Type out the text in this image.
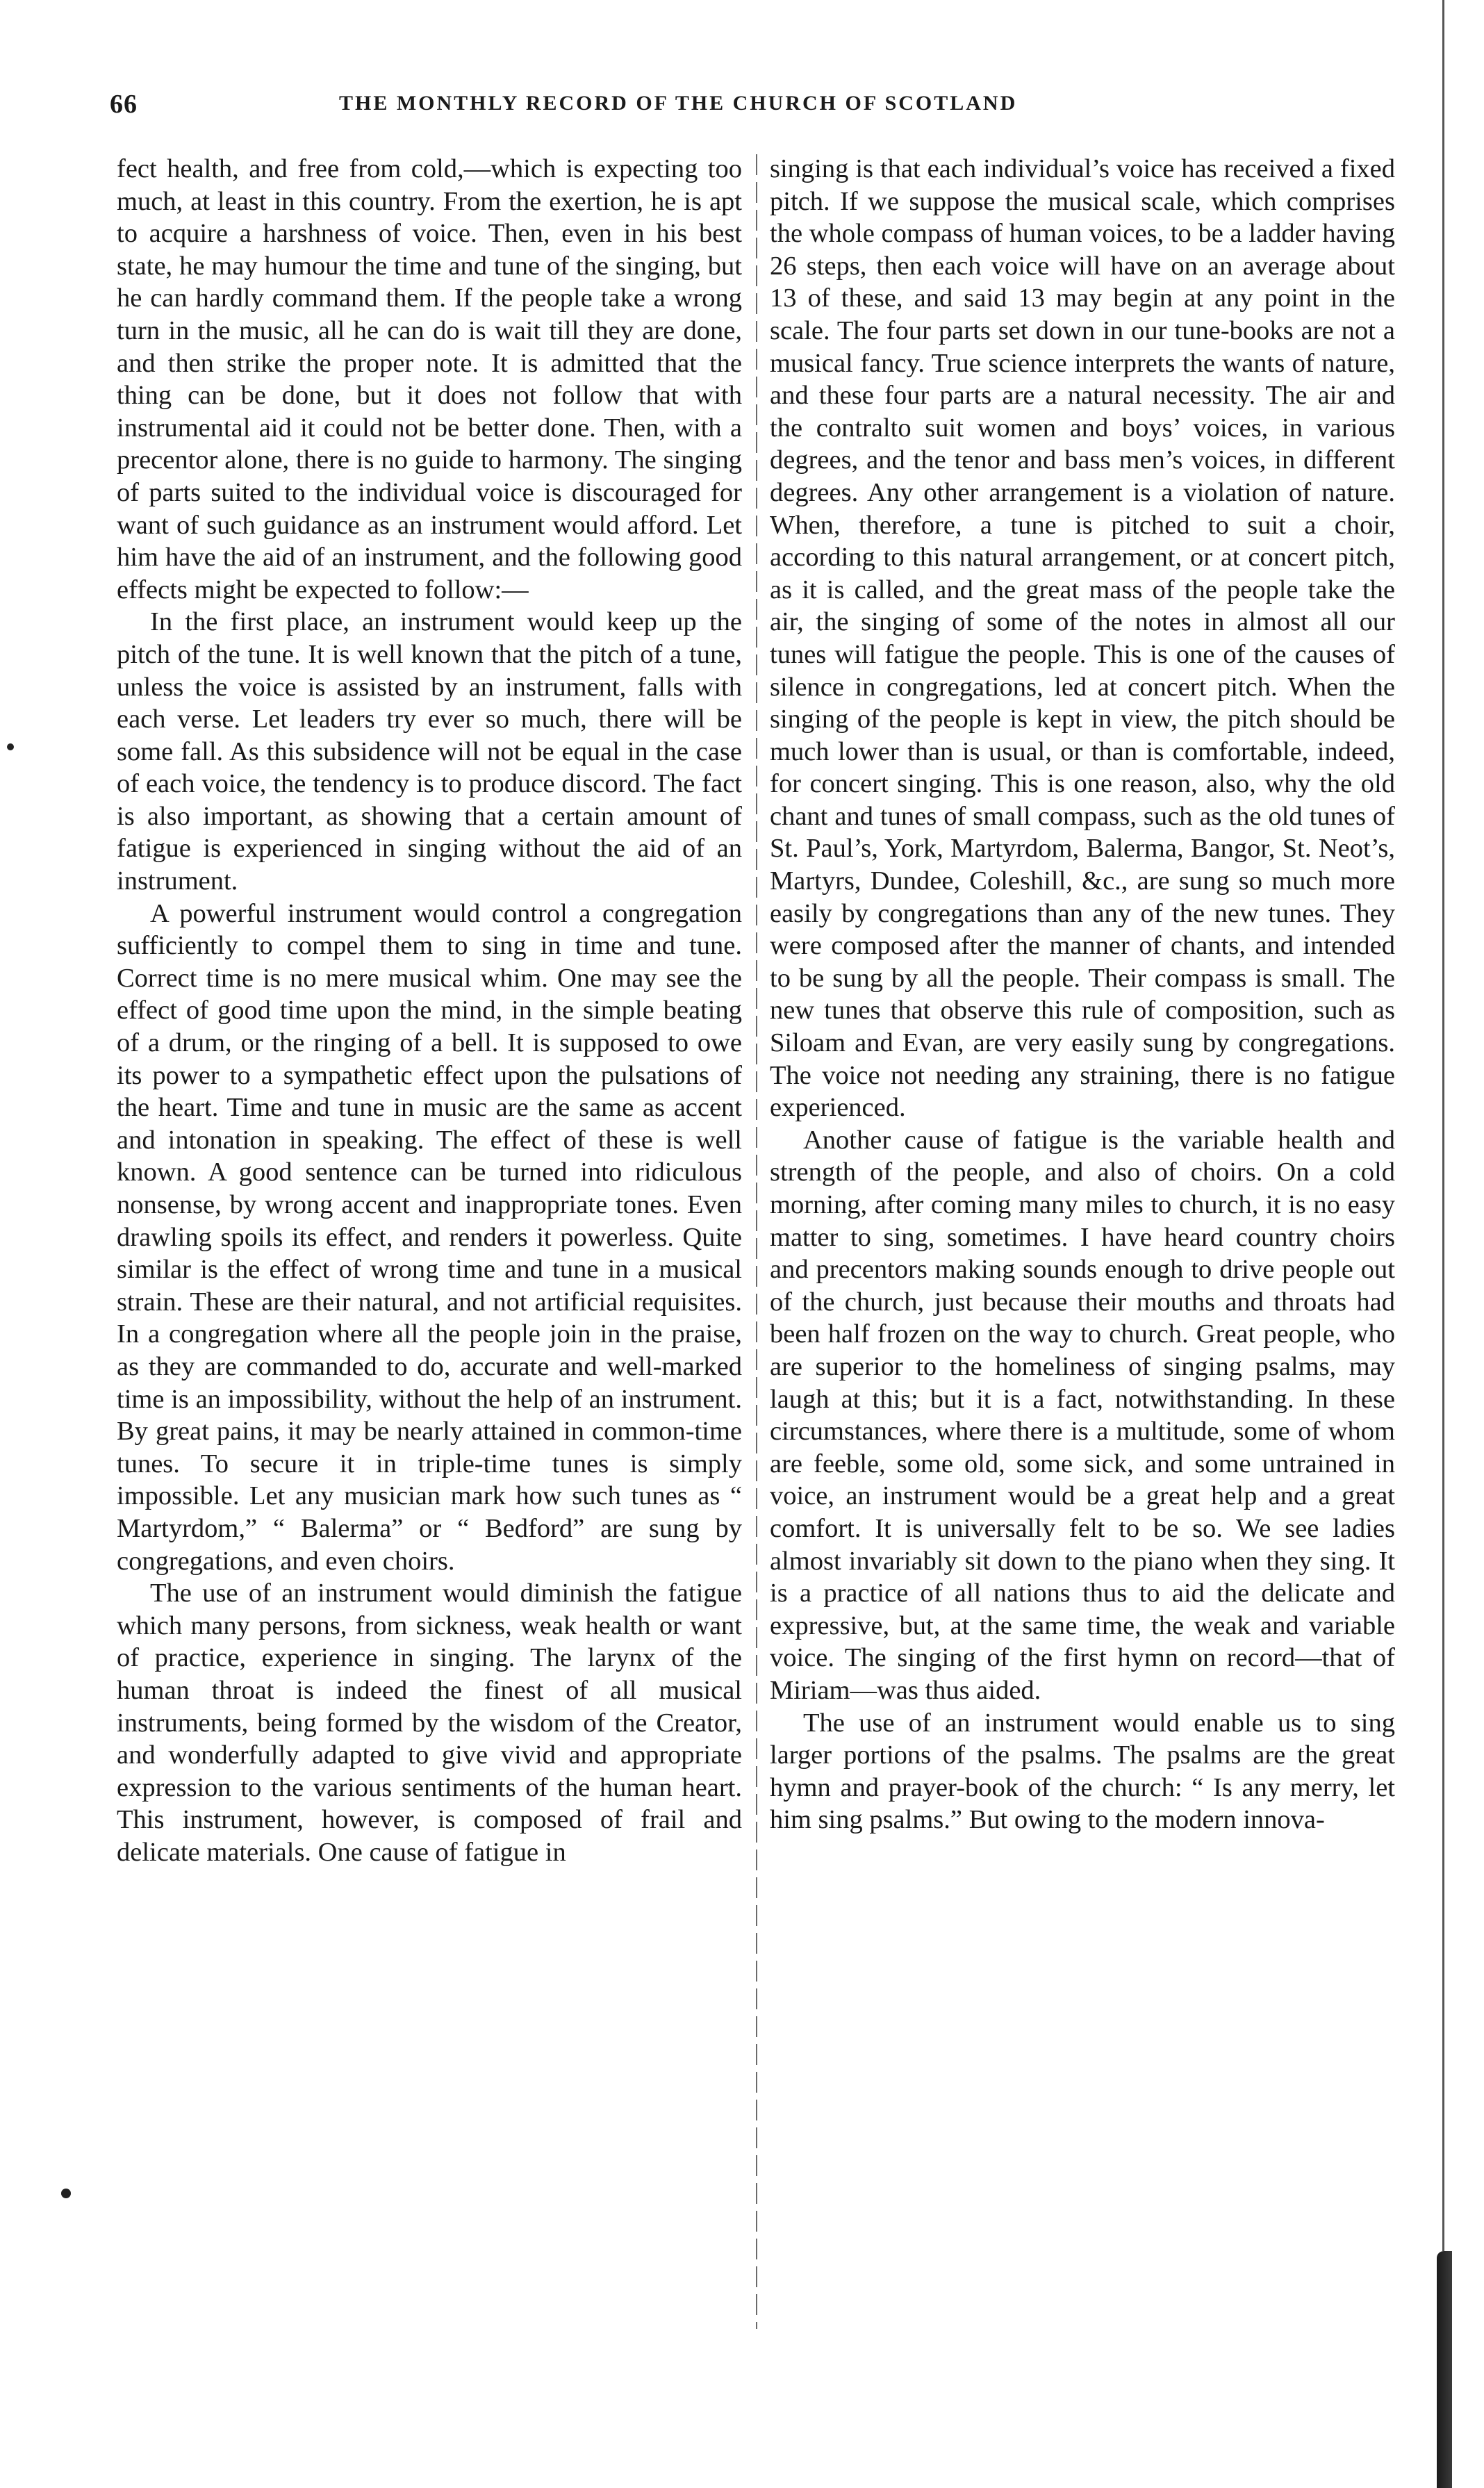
66	THE MONTHLY RECORD OF THE CHURCH OF SCOTLAND

fect health, and free from cold,—which is expecting too much, at least in this country. From the exertion, he is apt to acquire a harshness of voice. Then, even in his best state, he may humour the time and tune of the singing, but he can hardly command them. If the people take a wrong turn in the music, all he can do is wait till they are done, and then strike the proper note. It is admitted that the thing can be done, but it does not follow that with instrumental aid it could not be better done. Then, with a precentor alone, there is no guide to harmony. The singing of parts suited to the individual voice is discouraged for want of such guidance as an instrument would afford. Let him have the aid of an instrument, and the following good effects might be expected to follow:—

In the first place, an instrument would keep up the pitch of the tune. It is well known that the pitch of a tune, unless the voice is assisted by an instrument, falls with each verse. Let leaders try ever so much, there will be some fall. As this subsidence will not be equal in the case of each voice, the tendency is to produce discord. The fact is also important, as showing that a certain amount of fatigue is experienced in singing without the aid of an instrument.

A powerful instrument would control a congregation sufficiently to compel them to sing in time and tune. Correct time is no mere musical whim. One may see the effect of good time upon the mind, in the simple beating of a drum, or the ringing of a bell. It is supposed to owe its power to a sympathetic effect upon the pulsations of the heart. Time and tune in music are the same as accent and intonation in speaking. The effect of these is well known. A good sentence can be turned into ridiculous nonsense, by wrong accent and inappropriate tones. Even drawling spoils its effect, and renders it powerless. Quite similar is the effect of wrong time and tune in a musical strain. These are their natural, and not artificial requisites. In a congregation where all the people join in the praise, as they are commanded to do, accurate and well-marked time is an impossibility, without the help of an instrument. By great pains, it may be nearly attained in common-time tunes. To secure it in triple-time tunes is simply impossible. Let any musician mark how such tunes as “ Martyrdom,” “ Balerma” or “ Bedford” are sung by congregations, and even choirs.

The use of an instrument would diminish the fatigue which many persons, from sickness, weak health or want of practice, experience in singing. The larynx of the human throat is indeed the finest of all musical instruments, being formed by the wisdom of the Creator, and wonderfully adapted to give vivid and appropriate expression to the various sentiments of the human heart. This instrument, however, is composed of frail and delicate materials. One cause of fatigue in

singing is that each individual’s voice has received a fixed pitch. If we suppose the musical scale, which comprises the whole compass of human voices, to be a ladder having 26 steps, then each voice will have on an average about 13 of these, and said 13 may begin at any point in the scale. The four parts set down in our tune-books are not a musical fancy. True science interprets the wants of nature, and these four parts are a natural necessity. The air and the contralto suit women and boys’ voices, in various degrees, and the tenor and bass men’s voices, in different degrees. Any other arrangement is a violation of nature. When, therefore, a tune is pitched to suit a choir, according to this natural arrangement, or at concert pitch, as it is called, and the great mass of the people take the air, the singing of some of the notes in almost all our tunes will fatigue the people. This is one of the causes of silence in congregations, led at concert pitch. When the singing of the people is kept in view, the pitch should be much lower than is usual, or than is comfortable, indeed, for concert singing. This is one reason, also, why the old chant and tunes of small compass, such as the old tunes of St. Paul’s, York, Martyrdom, Balerma, Bangor, St. Neot’s, Martyrs, Dundee, Coleshill, &c., are sung so much more easily by congregations than any of the new tunes. They were composed after the manner of chants, and intended to be sung by all the people. Their compass is small. The new tunes that observe this rule of composition, such as Siloam and Evan, are very easily sung by congregations. The voice not needing any straining, there is no fatigue experienced.

Another cause of fatigue is the variable health and strength of the people, and also of choirs. On a cold morning, after coming many miles to church, it is no easy matter to sing, sometimes. I have heard country choirs and precentors making sounds enough to drive people out of the church, just because their mouths and throats had been half frozen on the way to church. Great people, who are superior to the homeliness of singing psalms, may laugh at this; but it is a fact, notwithstanding. In these circumstances, where there is a multitude, some of whom are feeble, some old, some sick, and some untrained in voice, an instrument would be a great help and a great comfort. It is universally felt to be so. We see ladies almost invariably sit down to the piano when they sing. It is a practice of all nations thus to aid the delicate and expressive, but, at the same time, the weak and variable voice. The singing of the first hymn on record—that of Miriam—was thus aided.

The use of an instrument would enable us to sing larger portions of the psalms. The psalms are the great hymn and prayer-book of the church: “ Is any merry, let him sing psalms.” But owing to the modern innova-
